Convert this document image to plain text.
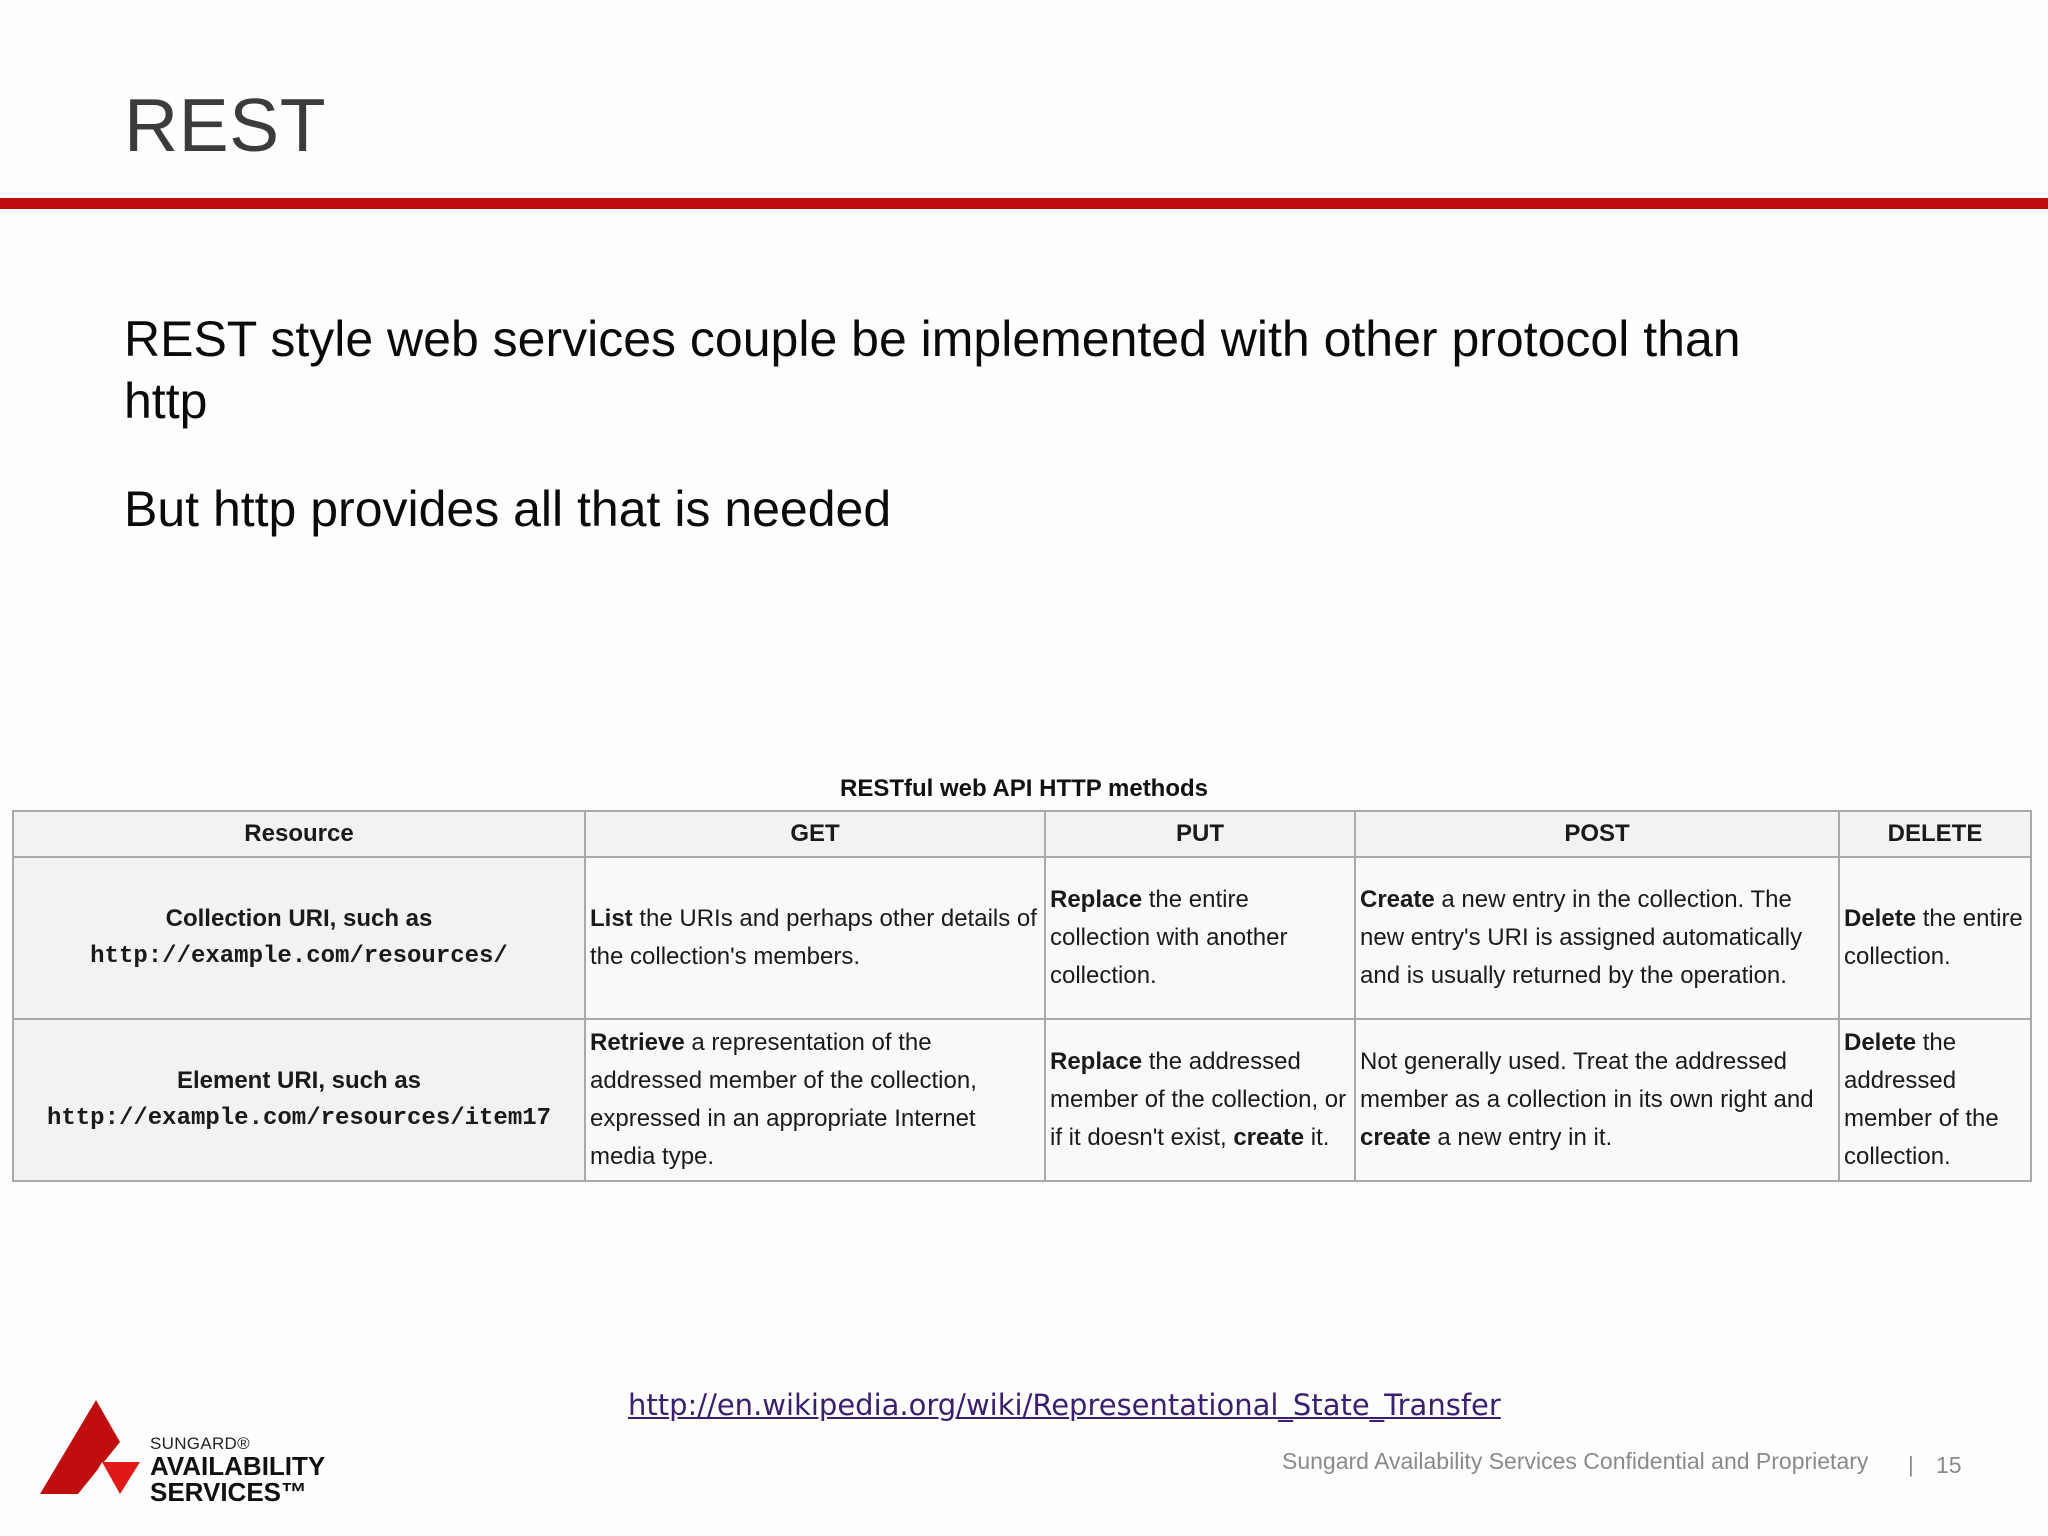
REST

REST style web services couple be implemented with other protocol than http

But http provides all that is needed

RESTful web API HTTP methods
Resource	GET	PUT	POST	DELETE

Collection URI, such as
http://example.com/resources/	List the URIs and perhaps other details of the collection's members.	Replace the entire collection with another collection.	Create a new entry in the collection. The new entry's URI is assigned automatically and is usually returned by the operation.	Delete the entire collection.

Element URI, such as
http://example.com/resources/item17	Retrieve a representation of the addressed member of the collection, expressed in an appropriate Internet media type.	Replace the addressed member of the collection, or if it doesn't exist, create it.	Not generally used. Treat the addressed member as a collection in its own right and create a new entry in it.	Delete the addressed member of the collection.
http://en.wikipedia.org/wiki/Representational_State_Transfer
SUNGARD®
AVAILABILITY
SERVICES™
Sungard Availability Services Confidential and Proprietary | 15
